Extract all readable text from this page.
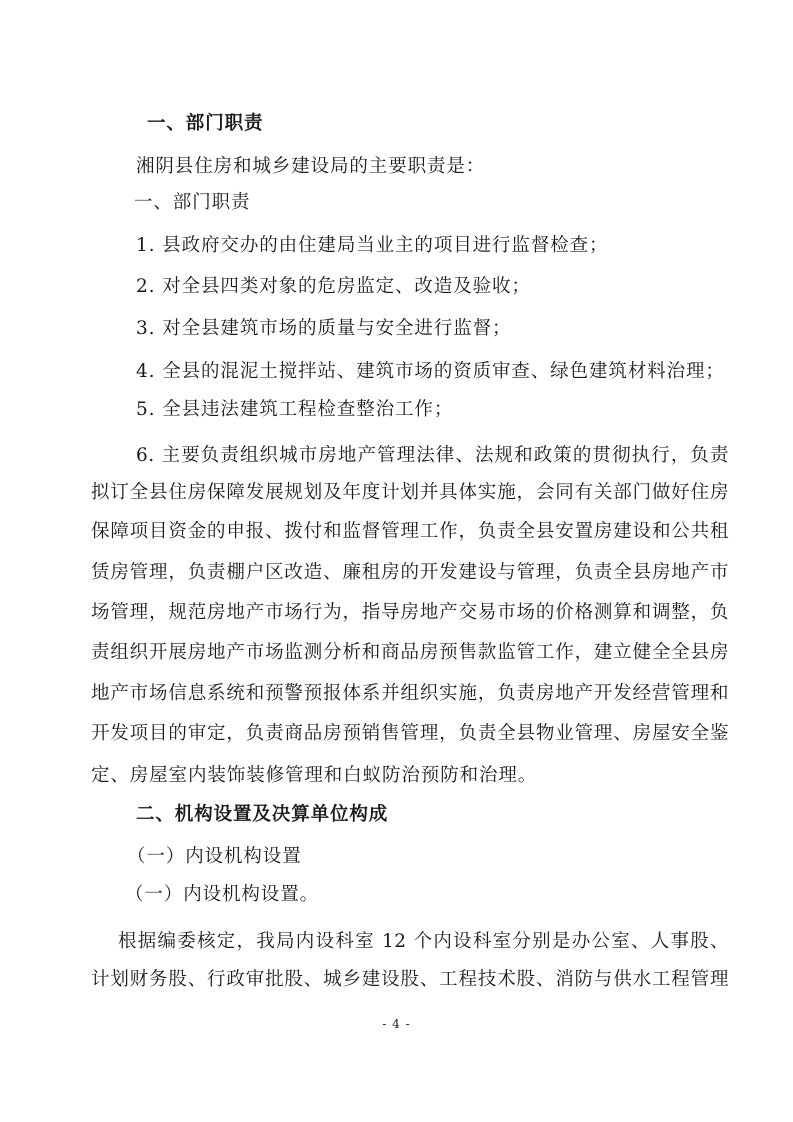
一、部门职责
湘阴县住房和城乡建设局的主要职责是：
一、部门职责
1. 县政府交办的由住建局当业主的项目进行监督检查；
2. 对全县四类对象的危房监定、改造及验收；
3. 对全县建筑市场的质量与安全进行监督；
4. 全县的混泥土搅拌站、建筑市场的资质审查、绿色建筑材料治理；
5. 全县违法建筑工程检查整治工作；
6. 主要负责组织城市房地产管理法律、法规和政策的贯彻执行，负责
拟订全县住房保障发展规划及年度计划并具体实施，会同有关部门做好住房
保障项目资金的申报、拨付和监督管理工作，负责全县安置房建设和公共租
赁房管理，负责棚户区改造、廉租房的开发建设与管理，负责全县房地产市
场管理，规范房地产市场行为，指导房地产交易市场的价格测算和调整，负
责组织开展房地产市场监测分析和商品房预售款监管工作，建立健全全县房
地产市场信息系统和预警预报体系并组织实施，负责房地产开发经营管理和
开发项目的审定，负责商品房预销售管理，负责全县物业管理、房屋安全鉴
定、房屋室内装饰装修管理和白蚁防治预防和治理。
二、机构设置及决算单位构成
（一）内设机构设置
（一）内设机构设置。
根据编委核定，我局内设科室 12 个内设科室分别是办公室、人事股、
计划财务股、行政审批股、城乡建设股、工程技术股、消防与供水工程管理
- 4 -
